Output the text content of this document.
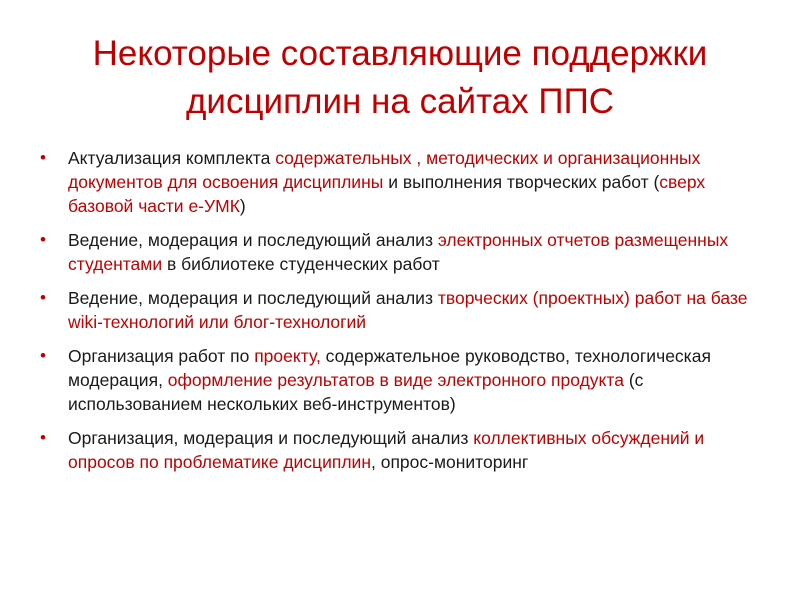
Некоторые составляющие поддержки
дисциплин на сайтах ППС
• Актуализация комплекта содержательных , методических и организационных документов для освоения дисциплины и выполнения творческих работ (сверх базовой части е-УМК)
• Ведение, модерация и последующий анализ электронных отчетов размещенных студентами в библиотеке студенческих работ
• Ведение, модерация и последующий анализ творческих (проектных) работ на базе wiki-технологий или блог-технологий
• Организация работ по проекту, содержательное руководство, технологическая модерация, оформление результатов в виде электронного продукта (с использованием нескольких веб-инструментов)
• Организация, модерация и последующий анализ коллективных обсуждений и опросов по проблематике дисциплин, опрос-мониторинг
